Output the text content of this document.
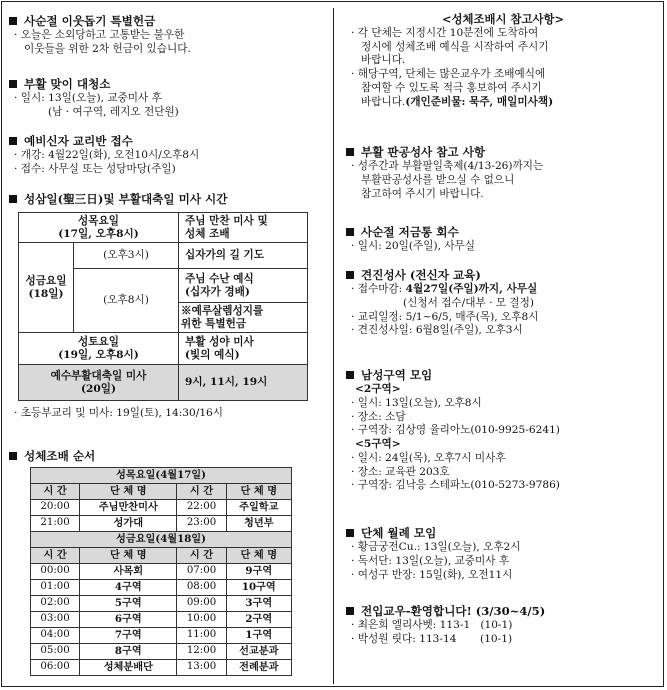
사순절 이웃돕기 특별헌금
· 오늘은 소외당하고 고통받는 불우한
이웃들을 위한 2차 헌금이 있습니다.
부활 맞이 대청소
· 일시: 13일(오늘), 교중미사 후
(남 · 여구역, 레지오 전단원)
예비신자 교리반 접수
· 개강: 4월22일(화), 오전10시/오후8시
· 접수: 사무실 또는 성당마당(주일)
성삼일(聖三日)및 부활대축일 미사 시간
성목요일
(17일, 오후8시)		주님 만찬 미사 및
성체 조배
성금요일
(18일)	(오후3시)	십자가의 길 기도
	(오후8시)	주님 수난 예식
(십자가 경배)
		※예루살렘성지를
위한 특별헌금
성토요일
(19일, 오후8시)		부활 성야 미사
(빛의 예식)
예수부활대축일 미사
(20일)		9시, 11시, 19시
· 초등부교리 및 미사: 19일(토), 14:30/16시
성체조배 순서
성목요일(4월17일)			
시 간	단 체 명	시 간	단 체 명
20:00	주님만찬미사	22:00	주일학교
21:00	성가대	23:00	청년부
성금요일(4월18일)			
시 간	단 체 명	시 간	단 체 명
00:00	사목회	07:00	9구역
01:00	4구역	08:00	10구역
02:00	5구역	09:00	3구역
03:00	6구역	10:00	2구역
04:00	7구역	11:00	1구역
05:00	8구역	12:00	선교분과
06:00	성체분배단	13:00	전례분과
<성체조배시 참고사항>
· 각 단체는 지정시간 10분전에 도착하여
정시에 성체조배 예식을 시작하여 주시기
바랍니다.
· 해당구역, 단체는 많은교우가 조배예식에
참여할 수 있도록 적극 홍보하여 주시기
바랍니다.(개인준비물: 묵주, 매일미사책)
부활 판공성사 참고 사항
· 성주간과 부활팔일축제(4/13-26)까지는
부활판공성사를 받으실 수 없으니
참고하여 주시기 바랍니다.
사순절 저금통 회수
· 일시: 20일(주일), 사무실
견진성사 (전신자 교육)
· 접수마감: 4월27일(주일)까지, 사무실
(신청서 접수/대부 · 모 결정)
· 교리일정: 5/1~6/5, 매주(목), 오후8시
· 견진성사일: 6월8일(주일), 오후3시
남성구역 모임
<2구역>
· 일시: 13일(오늘), 오후8시
· 장소: 소담
· 구역장: 김상영 율리아노(010-9925-6241)
<5구역>
· 일시: 24일(목), 오후7시 미사후
· 장소: 교육관 203호
· 구역장: 김낙응 스테파노(010-5273-9786)
단체 월례 모임
· 황금궁전Cu.: 13일(오늘), 오후2시
· 독서단: 13일(오늘), 교중미사 후
· 여성구 반장: 15일(화), 오전11시
전입교우-환영합니다! (3/30~4/5)
· 최은희 엘리사벳: 113-1   (10-1)
· 박성원 릿다: 113-14       (10-1)
